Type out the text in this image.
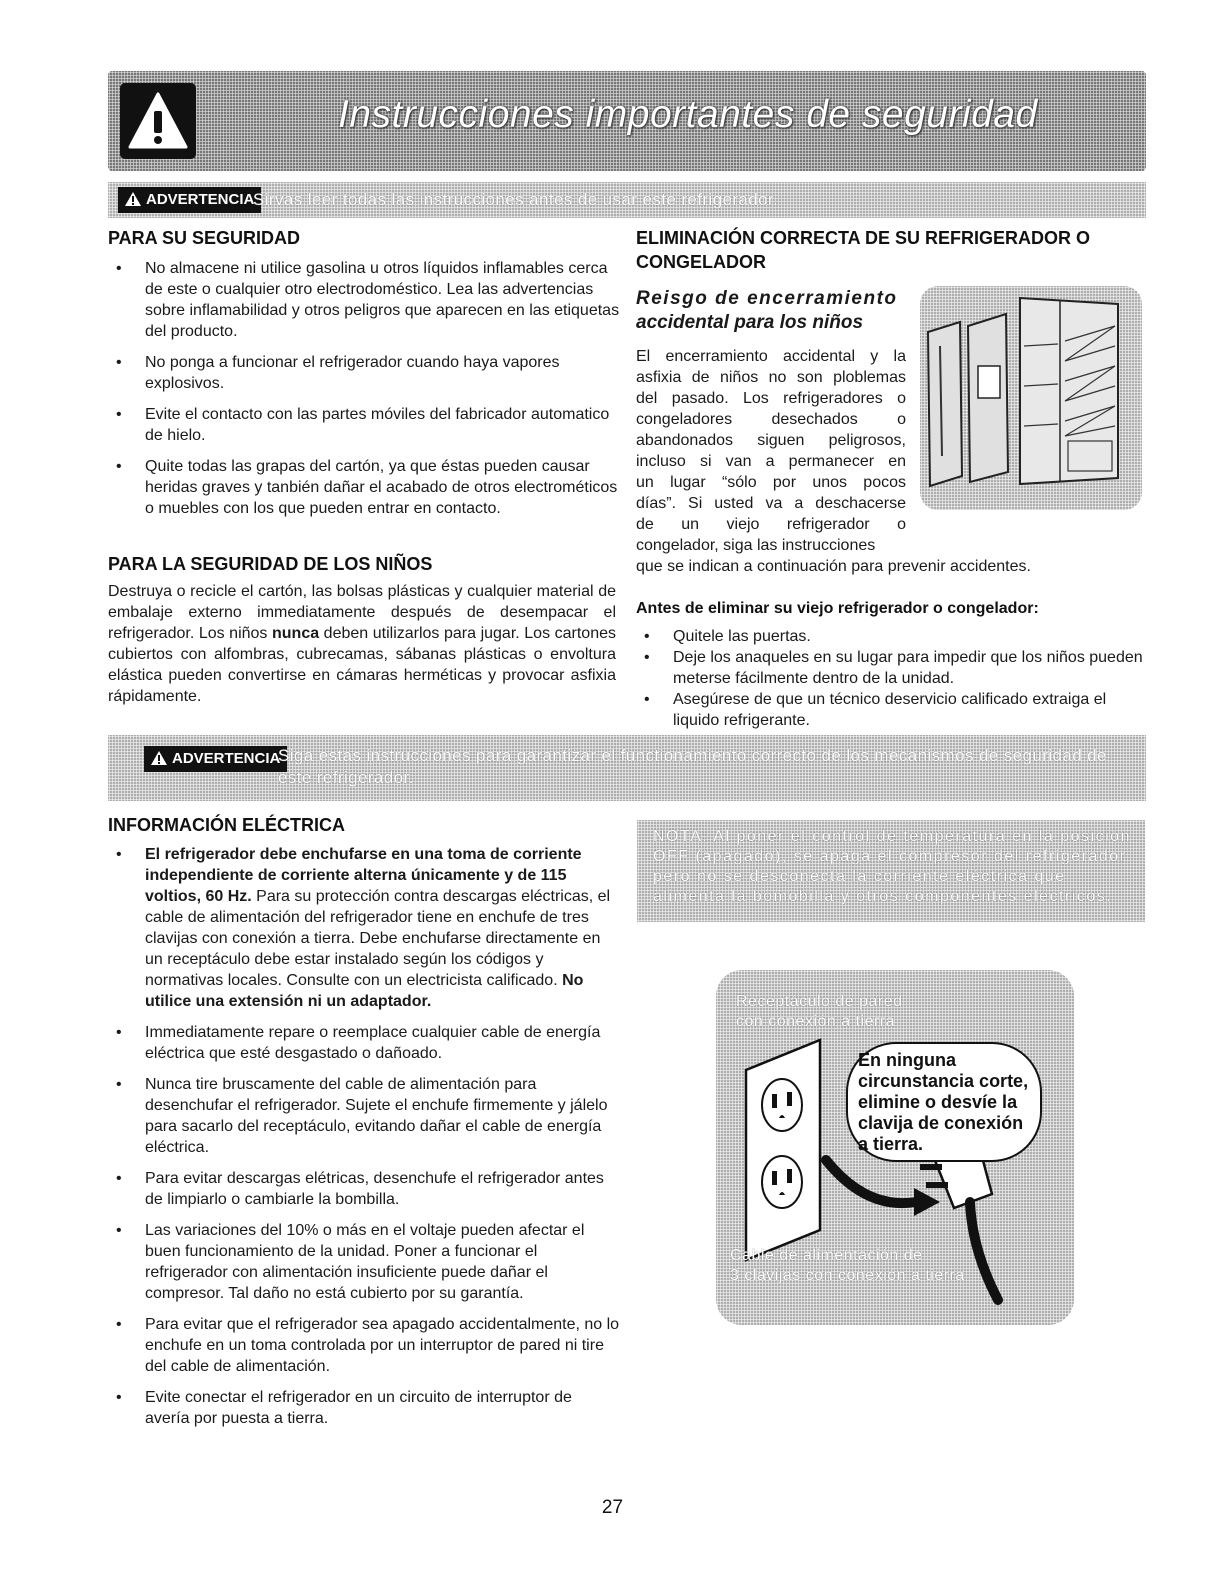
Instrucciones importantes de seguridad
ADVERTENCIA
Sirvas leer todas las instrucciones antes de usar este refrigerador.
PARA SU SEGURIDAD
• No almacene ni utilice gasolina u otros líquidos inflamables cerca de este o cualquier otro electrodoméstico. Lea las advertencias sobre inflamabilidad y otros peligros que aparecen en las etiquetas del producto.
• No ponga a funcionar el refrigerador cuando haya vapores explosivos.
• Evite el contacto con las partes móviles del fabricador automatico de hielo.
• Quite todas las grapas del cartón, ya que éstas pueden causar heridas graves y tanbién dañar el acabado de otros electrométicos o muebles con los que pueden entrar en contacto.
PARA LA SEGURIDAD DE LOS NIÑOS
Destruya o recicle el cartón, las bolsas plásticas y cualquier material de embalaje externo immediatamente después de desempacar el refrigerador. Los niños nunca deben utilizarlos para jugar. Los cartones cubiertos con alfombras, cubrecamas, sábanas plásticas o envoltura elástica pueden convertirse en cámaras herméticas y provocar asfixia rápidamente.
ELIMINACIÓN CORRECTA DE SU REFRIGERADOR O
CONGELADOR
Reisgo de encerramiento
accidental para los niños
El encerramiento accidental y la
asfixia de niños no son ploblemas
del pasado. Los refrigeradores o
congeladores desechados o
abandonados siguen peligrosos,
incluso si van a permanecer en
un lugar “sólo por unos pocos
días”. Si usted va a deschacerse
de un viejo refrigerador o
congelador, siga las instrucciones
que se indican a continuación para prevenir accidentes.
Antes de eliminar su viejo refrigerador o congelador:
• Quitele las puertas.
• Deje los anaqueles en su lugar para impedir que los niños pueden meterse fácilmente dentro de la unidad.
• Asegúrese de que un técnico deservicio calificado extraiga el liquido refrigerante.
ADVERTENCIA
Siga estas instrucciones para garantizar el functionamiento correcto de los mecanismos de seguridad de este refrigerador.
INFORMACIÓN ELÉCTRICA
• El refrigerador debe enchufarse en una toma de corriente independiente de corriente alterna únicamente y de 115 voltios, 60 Hz. Para su protección contra descargas eléctricas, el cable de alimentación del refrigerador tiene en enchufe de tres clavijas con conexión a tierra. Debe enchufarse directamente en un receptáculo debe estar instalado según los códigos y normativas locales. Consulte con un electricista calificado. No utilice una extensión ni un adaptador.
• Immediatamente repare o reemplace cualquier cable de energía eléctrica que esté desgastado o dañoado.
• Nunca tire bruscamente del cable de alimentación para desenchufar el refrigerador. Sujete el enchufe firmemente y jálelo para sacarlo del receptáculo, evitando dañar el cable de energía eléctrica.
• Para evitar descargas elétricas, desenchufe el refrigerador antes de limpiarlo o cambiarle la bombilla.
• Las variaciones del 10% o más en el voltaje pueden afectar el buen funcionamiento de la unidad. Poner a funcionar el refrigerador con alimentación insuficiente puede dañar el compresor. Tal daño no está cubierto por su garantía.
• Para evitar que el refrigerador sea apagado accidentalmente, no lo enchufe en un toma controlada por un interruptor de pared ni tire del cable de alimentación.
• Evite conectar el refrigerador en un circuito de interruptor de avería por puesta a tierra.
NOTA: Al poner el control de temperatura en la posición OFF (apagado), se apaga el compresor del refrigerador pero no se desconecta la corriente eléctrica que alimenta la bomobilla y otros componentes eléctricos.
Receptáculo de pared
con conexión a tierra
En ninguna
circunstancia corte,
elimine o desvíe la
clavija de conexión
a tierra.
Cable de alimentación de
3 clavijas con conexión a tierra
27
